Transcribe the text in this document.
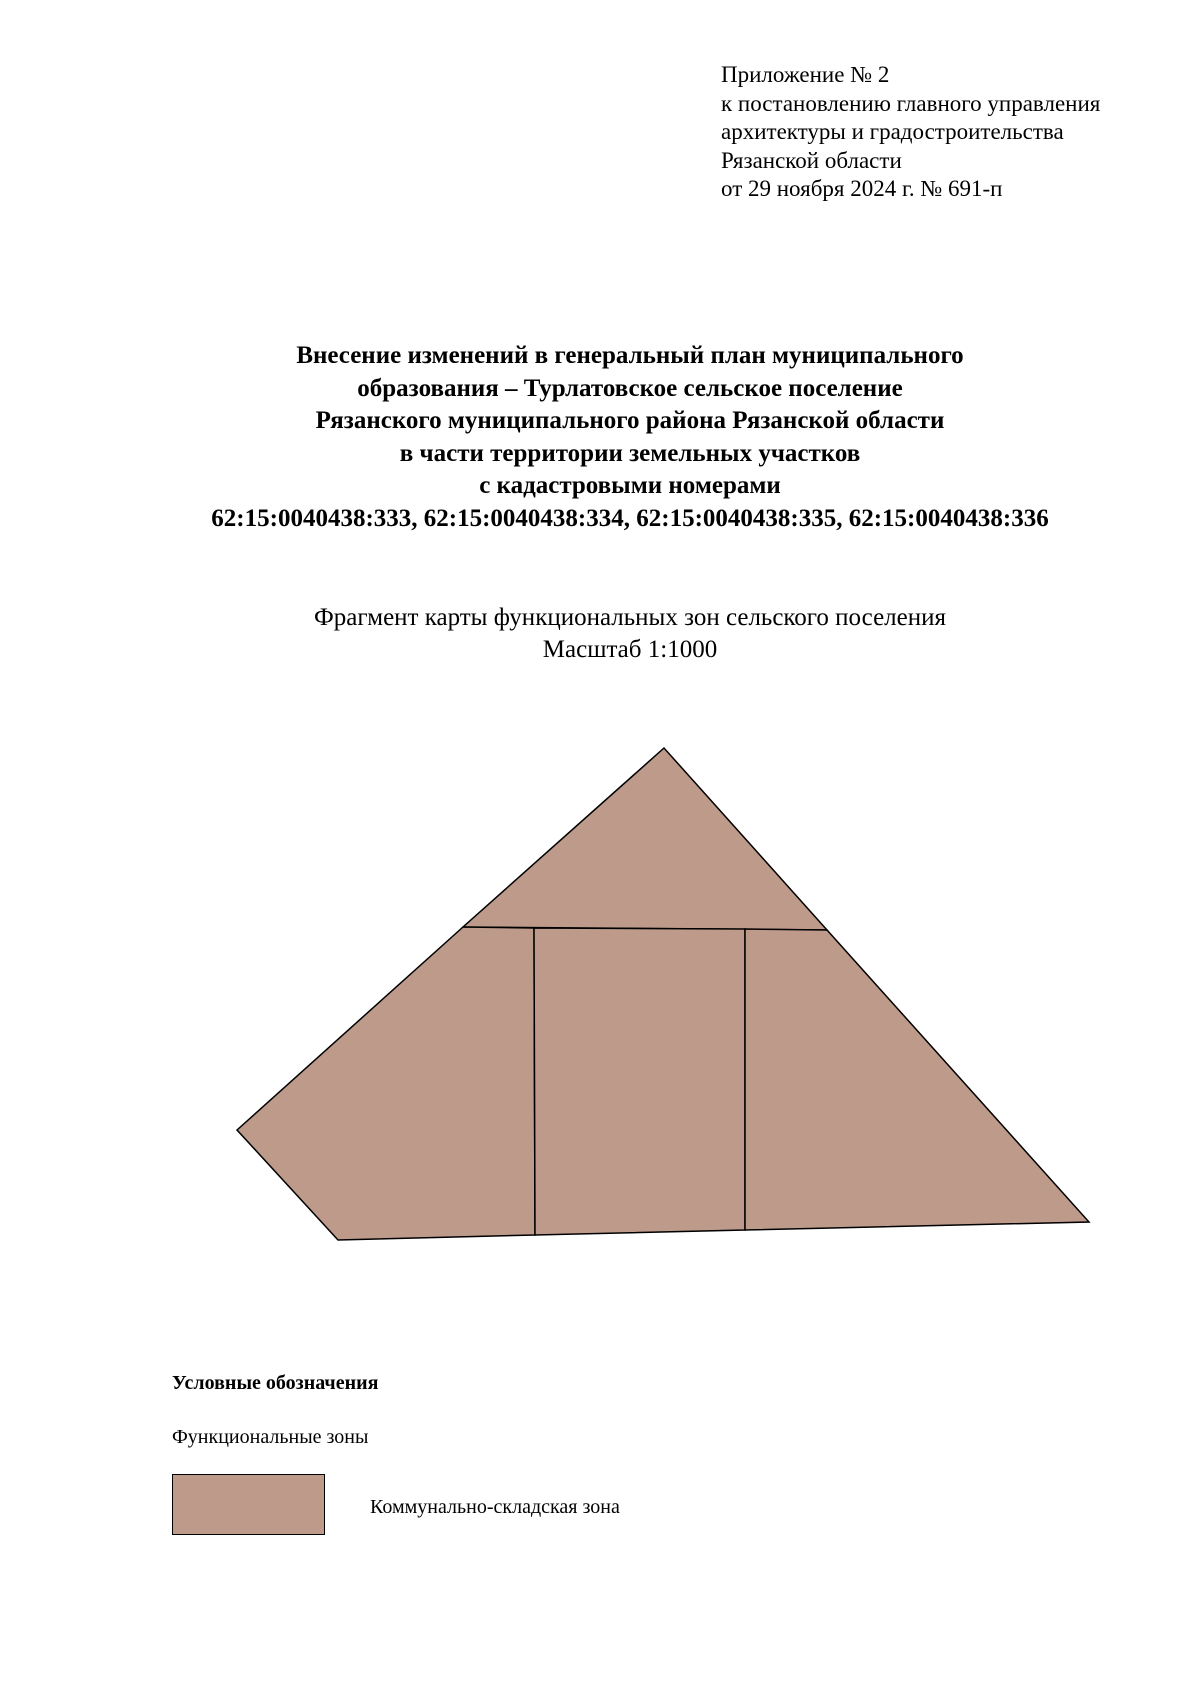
Приложение № 2
к постановлению главного управления
архитектуры и градостроительства
Рязанской области
от 29 ноября 2024 г. № 691-п
Внесение изменений в генеральный план муниципального
образования – Турлатовское сельское поселение
Рязанского муниципального района Рязанской области
в части территории земельных участков
с кадастровыми номерами
62:15:0040438:333, 62:15:0040438:334, 62:15:0040438:335, 62:15:0040438:336
Фрагмент карты функциональных зон сельского поселения
Масштаб 1:1000
Условные обозначения
Функциональные зоны
Коммунально-складская зона
